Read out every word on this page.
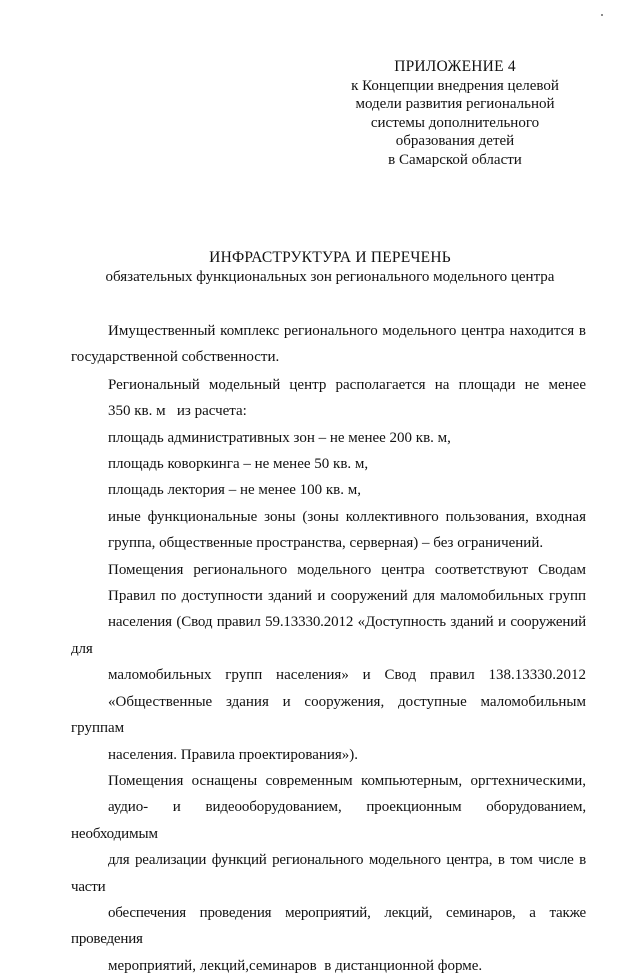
ПРИЛОЖЕНИЕ 4
к Концепции внедрения целевой
модели развития региональной
системы дополнительного
образования детей
в Самарской области
ИНФРАСТРУКТУРА И ПЕРЕЧЕНЬ
обязательных функциональных зон регионального модельного центра

Имущественный комплекс регионального модельного центра находится в
государственной собственности.

Региональный модельный центр располагается на площади не менее
350 кв. м   из расчета:

площадь административных зон – не менее 200 кв. м,

площадь коворкинга – не менее 50 кв. м,

площадь лектория – не менее 100 кв. м,

иные функциональные зоны (зоны коллективного пользования, входная
группа, общественные пространства, серверная) – без ограничений.

Помещения регионального модельного центра соответствуют Сводам
Правил по доступности зданий и сооружений для маломобильных групп
населения (Свод правил 59.13330.2012 «Доступность зданий и сооружений для
маломобильных групп населения» и Свод правил 138.13330.2012
«Общественные здания и сооружения, доступные маломобильным группам
населения. Правила проектирования»).

Помещения оснащены современным компьютерным, оргтехническими,
аудио- и видеооборудованием, проекционным оборудованием, необходимым
для реализации функций регионального модельного центра, в том числе в части
обеспечения проведения мероприятий, лекций, семинаров, а также проведения
мероприятий, лекций,семинаров  в дистанционной форме.
